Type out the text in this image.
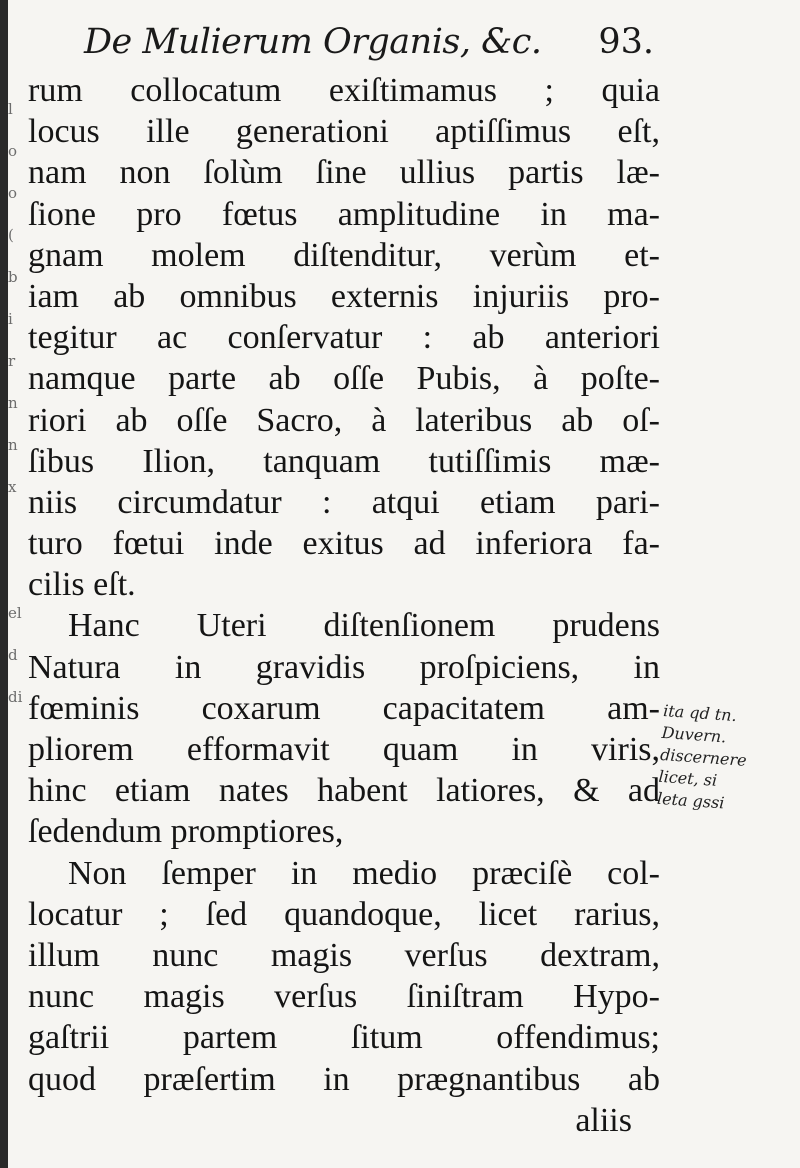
l
o
o
(
b
i
r
n
n
x
el
d
di
De Mulierum Organis, &c. 93.
rum collocatum exiſtimamus ; quia
locus ille generationi aptiſſimus eſt,
nam non ſolùm ſine ullius partis læ-
ſione pro fœtus amplitudine in ma-
gnam molem diſtenditur, verùm et-
iam ab omnibus externis injuriis pro-
tegitur ac conſervatur : ab anteriori
namque parte ab oſſe Pubis, à poſte-
riori ab oſſe Sacro, à lateribus ab oſ-
ſibus Ilion, tanquam tutiſſimis mæ-
niis circumdatur : atqui etiam pari-
turo fœtui inde exitus ad inferiora fa-
cilis eſt.
Hanc Uteri diſtenſionem prudens
Natura in gravidis proſpiciens, in
fœminis coxarum capacitatem am-
pliorem efformavit quam in viris,
hinc etiam nates habent latiores, & ad
ſedendum promptiores,
Non ſemper in medio præciſè col-
locatur ; ſed quandoque, licet rarius,
illum nunc magis verſus dextram,
nunc magis verſus ſiniſtram Hypo-
gaſtrii partem ſitum offendimus;
quod præſertim in prægnantibus ab
aliis
ita qd tn.
Duvern.
discernere
licet, si
leta gssi
